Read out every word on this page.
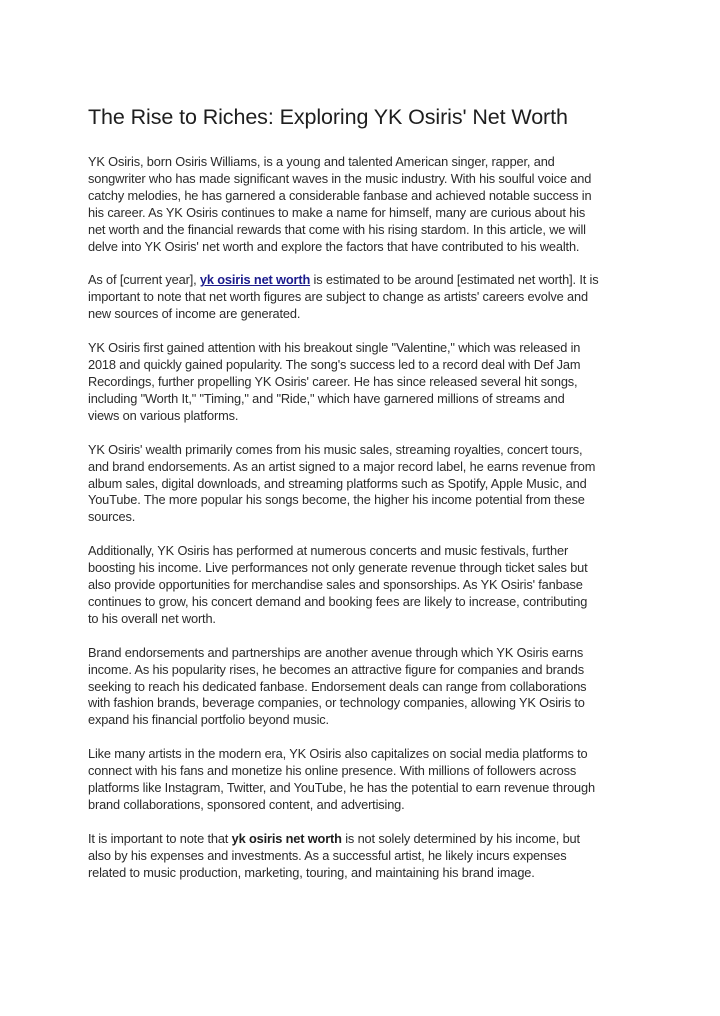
The Rise to Riches: Exploring YK Osiris' Net Worth

YK Osiris, born Osiris Williams, is a young and talented American singer, rapper, and
songwriter who has made significant waves in the music industry. With his soulful voice and
catchy melodies, he has garnered a considerable fanbase and achieved notable success in
his career. As YK Osiris continues to make a name for himself, many are curious about his
net worth and the financial rewards that come with his rising stardom. In this article, we will
delve into YK Osiris' net worth and explore the factors that have contributed to his wealth.

As of [current year], yk osiris net worth is estimated to be around [estimated net worth]. It is
important to note that net worth figures are subject to change as artists' careers evolve and
new sources of income are generated.

YK Osiris first gained attention with his breakout single "Valentine," which was released in
2018 and quickly gained popularity. The song's success led to a record deal with Def Jam
Recordings, further propelling YK Osiris' career. He has since released several hit songs,
including "Worth It," "Timing," and "Ride," which have garnered millions of streams and
views on various platforms.

YK Osiris' wealth primarily comes from his music sales, streaming royalties, concert tours,
and brand endorsements. As an artist signed to a major record label, he earns revenue from
album sales, digital downloads, and streaming platforms such as Spotify, Apple Music, and
YouTube. The more popular his songs become, the higher his income potential from these
sources.

Additionally, YK Osiris has performed at numerous concerts and music festivals, further
boosting his income. Live performances not only generate revenue through ticket sales but
also provide opportunities for merchandise sales and sponsorships. As YK Osiris' fanbase
continues to grow, his concert demand and booking fees are likely to increase, contributing
to his overall net worth.

Brand endorsements and partnerships are another avenue through which YK Osiris earns
income. As his popularity rises, he becomes an attractive figure for companies and brands
seeking to reach his dedicated fanbase. Endorsement deals can range from collaborations
with fashion brands, beverage companies, or technology companies, allowing YK Osiris to
expand his financial portfolio beyond music.

Like many artists in the modern era, YK Osiris also capitalizes on social media platforms to
connect with his fans and monetize his online presence. With millions of followers across
platforms like Instagram, Twitter, and YouTube, he has the potential to earn revenue through
brand collaborations, sponsored content, and advertising.

It is important to note that yk osiris net worth is not solely determined by his income, but
also by his expenses and investments. As a successful artist, he likely incurs expenses
related to music production, marketing, touring, and maintaining his brand image.
